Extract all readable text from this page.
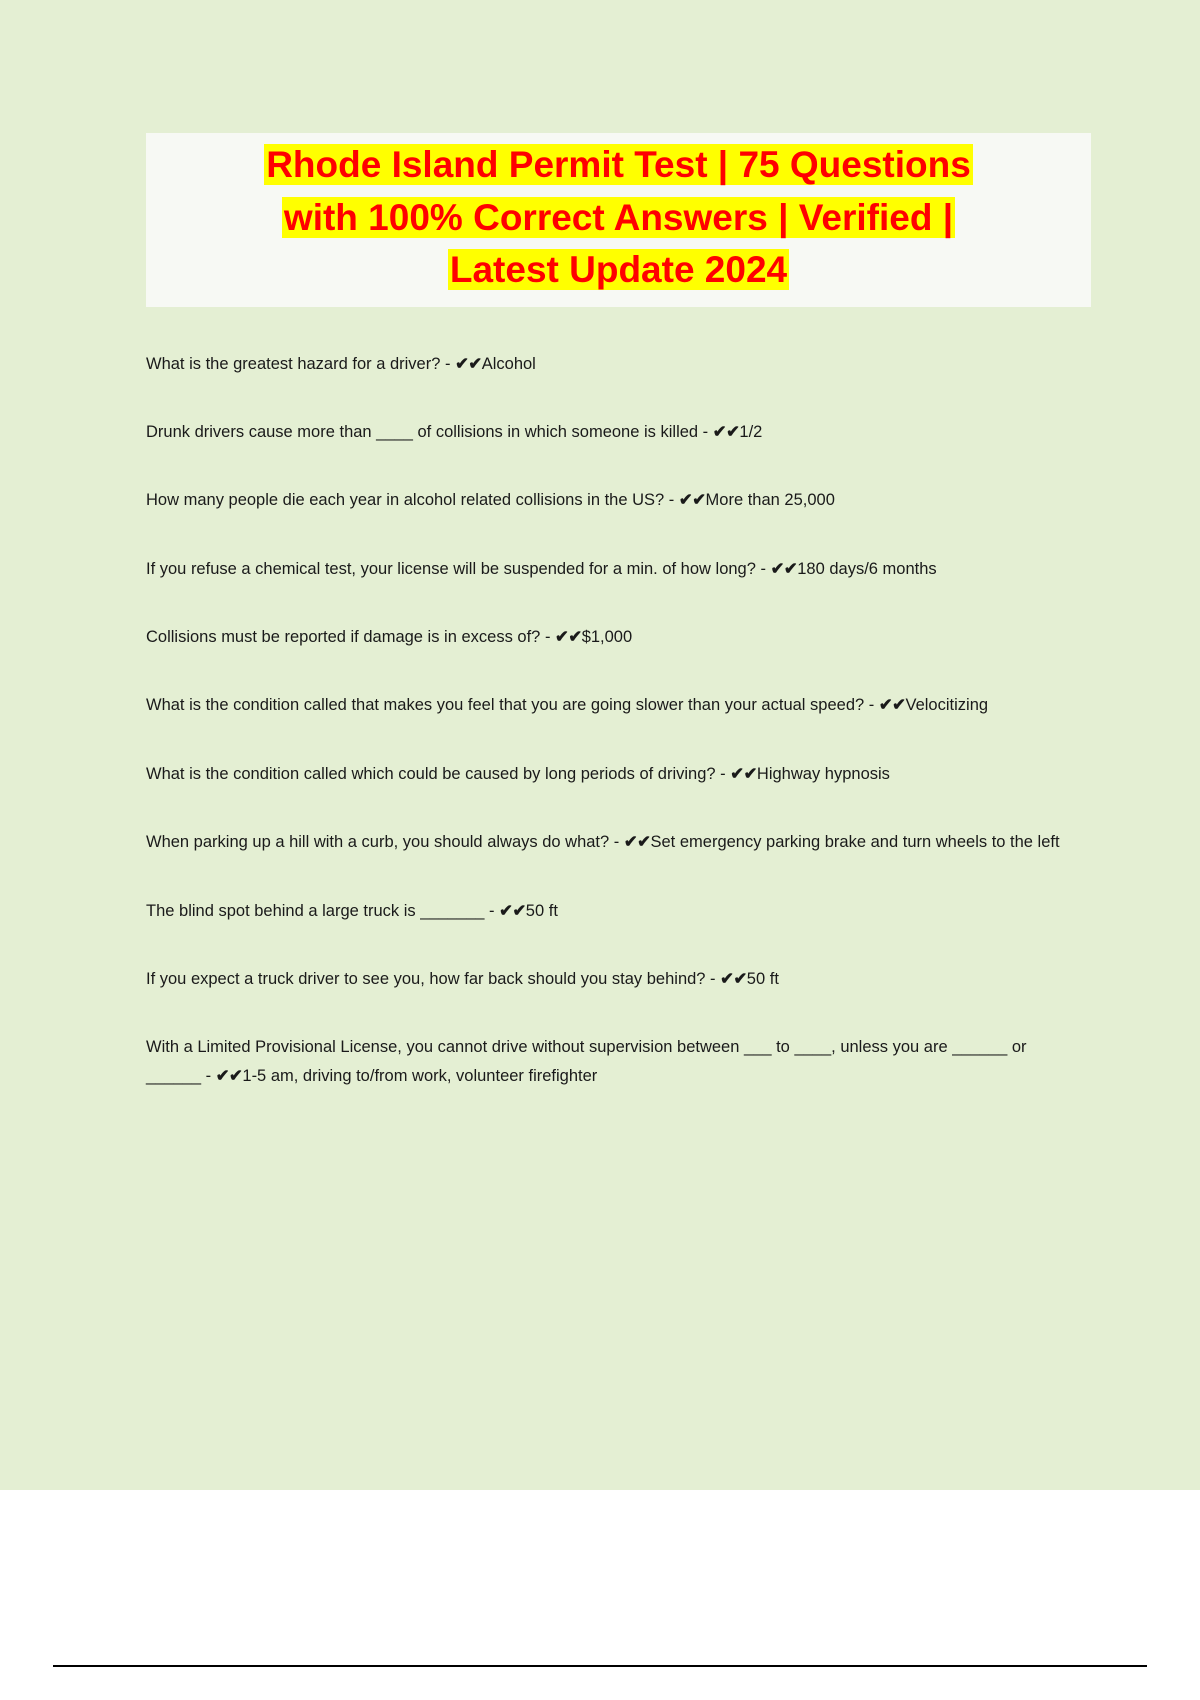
Rhode Island Permit Test | 75 Questions
with 100% Correct Answers | Verified |
Latest Update 2024
What is the greatest hazard for a driver? - ✔✔Alcohol
Drunk drivers cause more than ____ of collisions in which someone is killed - ✔✔1/2
How many people die each year in alcohol related collisions in the US? - ✔✔More than 25,000
If you refuse a chemical test, your license will be suspended for a min. of how long? - ✔✔180 days/6 months
Collisions must be reported if damage is in excess of? - ✔✔$1,000
What is the condition called that makes you feel that you are going slower than your actual speed? - ✔✔Velocitizing
What is the condition called which could be caused by long periods of driving? - ✔✔Highway hypnosis
When parking up a hill with a curb, you should always do what? - ✔✔Set emergency parking brake and turn wheels to the left
The blind spot behind a large truck is _______ - ✔✔50 ft
If you expect a truck driver to see you, how far back should you stay behind? - ✔✔50 ft
With a Limited Provisional License, you cannot drive without supervision between ___ to ____, unless you are ______ or ______ - ✔✔1-5 am, driving to/from work, volunteer firefighter
